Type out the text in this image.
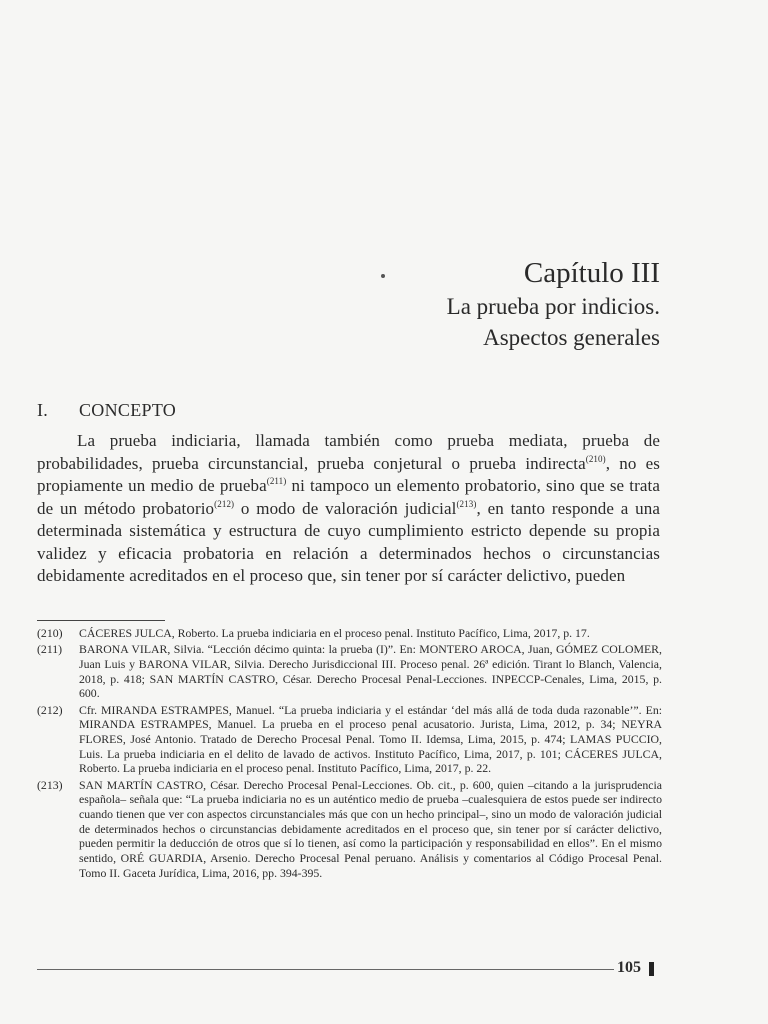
Capítulo III
La prueba por indicios.
Aspectos generales
I. CONCEPTO

La prueba indiciaria, llamada también como prueba mediata, prueba de probabilidades, prueba circunstancial, prueba conjetural o prueba indirecta$^{(210)}$, no es propiamente un medio de prueba$^{(211)}$ ni tampoco un elemento probatorio, sino que se trata de un método probatorio$^{(212)}$ o modo de valoración judicial$^{(213)}$, en tanto responde a una determinada sistemática y estructura de cuyo cumplimiento estricto depende su propia validez y eficacia probatoria en relación a determinados hechos o circunstancias debidamente acreditados en el proceso que, sin tener por sí carácter delictivo, pueden

(210)	CÁCERES JULCA, Roberto. La prueba indiciaria en el proceso penal. Instituto Pacífico, Lima, 2017, p. 17.
(211)	BARONA VILAR, Silvia. “Lección décimo quinta: la prueba (I)”. En: MONTERO AROCA, Juan, GÓMEZ COLOMER, Juan Luis y BARONA VILAR, Silvia. Derecho Jurisdiccional III. Proceso penal. 26ª edición. Tirant lo Blanch, Valencia, 2018, p. 418; SAN MARTÍN CASTRO, César. Derecho Procesal Penal-Lecciones. INPECCP-Cenales, Lima, 2015, p. 600.
(212)	Cfr. MIRANDA ESTRAMPES, Manuel. “La prueba indiciaria y el estándar ‘del más allá de toda duda razonable’”. En: MIRANDA ESTRAMPES, Manuel. La prueba en el proceso penal acusatorio. Jurista, Lima, 2012, p. 34; NEYRA FLORES, José Antonio. Tratado de Derecho Procesal Penal. Tomo II. Idemsa, Lima, 2015, p. 474; LAMAS PUCCIO, Luis. La prueba indiciaria en el delito de lavado de activos. Instituto Pacífico, Lima, 2017, p. 101; CÁCERES JULCA, Roberto. La prueba indiciaria en el proceso penal. Instituto Pacífico, Lima, 2017, p. 22.
(213)	SAN MARTÍN CASTRO, César. Derecho Procesal Penal-Lecciones. Ob. cit., p. 600, quien –citando a la jurisprudencia española– señala que: “La prueba indiciaria no es un auténtico medio de prueba –cualesquiera de estos puede ser indirecto cuando tienen que ver con aspectos circunstanciales más que con un hecho principal–, sino un modo de valoración judicial de determinados hechos o circunstancias debidamente acreditados en el proceso que, sin tener por sí carácter delictivo, pueden permitir la deducción de otros que sí lo tienen, así como la participación y responsabilidad en ellos”. En el mismo sentido, ORÉ GUARDIA, Arsenio. Derecho Procesal Penal peruano. Análisis y comentarios al Código Procesal Penal. Tomo II. Gaceta Jurídica, Lima, 2016, pp. 394-395.
105
